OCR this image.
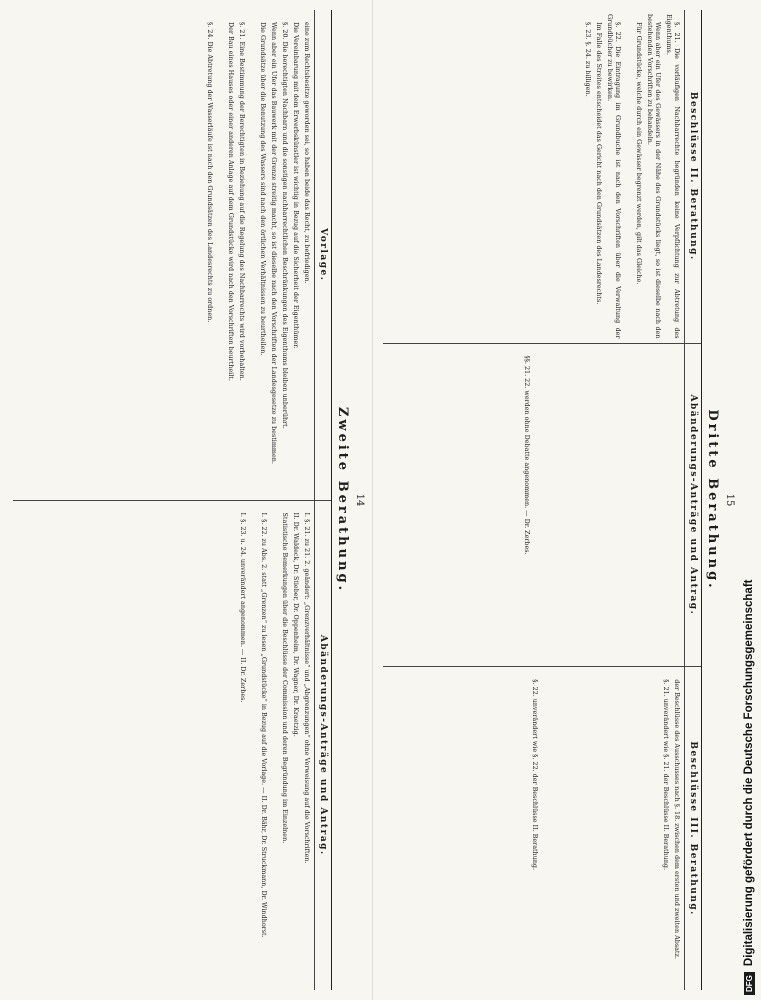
14
Zweite Berathung.
Vorlage.

eine zum Rechtsbesitze geworden sei, so haben beide das Recht, zu befriedigen.

Die Vereinbarung mit dem Erwerbskünstler ist wichtig in Bezug auf die Sicherheit der Eigenthümer.

§. 20. Die berechtigten Nachbarn und die sonstigen nachbarrechtlichen Beschränkungen des Eigenthums bleiben unberührt.

Wenn aber ein Ufer das Bauwerk mit der Grenze streitig macht, so ist dieselbe nach den Vorschriften der Landesgesetze zu bestimmen.

Die Grundsätze über die Benutzung des Wassers sind nach den örtlichen Verhältnissen zu beurtheilen.

§. 21. Eine Bestimmung der Berechtigten in Beziehung auf die Regelung des Nachbarrechts wird vorbehalten.

Der Bau eines Hauses oder einer anderen Anlage auf dem Grundstücke wird nach den Vorschriften beurtheilt.

§. 24. Die Abtretung der Wasserläufe ist nach den Grundsätzen des Landesrechts zu ordnen.

Abänderungs-Anträge und Antrag.

I. §. 21. zu 21. 2. geändert: „Grenzverhältnisse“ und „Abgrenzungen“ ohne Verweisung auf die Vorschriften.

II. Dr. Waldeck, Dr. Stieber, Dr. Oppenheim, Dr. Wagner, Dr. Kraetzig.

Statistische Bemerkungen über die Beschlüsse der Commission und deren Begründung im Einzelnen.

I. §. 22. zu Abs. 2. statt „Grenzen“ zu lesen „Grundstücke“ in Bezug auf die Vorlage. — II. Dr. Bähr, Dr. Struckmann, Dr. Windhorst.

I. §. 23. u. 24. unverändert angenommen. — II. Dr. Zerbes.

15
Dritte Berathung.
Beschlüsse II. Berathung.

§. 21. Die vorläufigen Nachbarrechte begründen keine Verpflichtung zur Abtretung des Eigenthums.

Wenn aber ein Ufer des Gewässers in der Nähe des Grundstücks liegt, so ist dieselbe nach den bestehenden Vorschriften zu behandeln.

Für Grundstücke, welche durch ein Gewässer begrenzt werden, gilt das Gleiche.

§. 22. Die Eintragung im Grundbuche ist nach den Vorschriften über die Verwaltung der Grundbücher zu bewirken.

Im Falle des Streites entscheidet das Gericht nach den Grundsätzen des Landesrechts.

§. 23. §. 24. zu billigen.

Abänderungs-Anträge und Antrag.

§§. 21. 22. werden ohne Debatte angenommen. — Dr. Zerbes.

Beschlüsse III. Berathung.

der Beschlüsse des Ausschusses nach §. 18. zwischen dem ersten und zweiten Absatz.

§. 21. unverändert wie §. 21. der Beschlüsse II. Berathung.

§. 22. unverändert wie §. 22. der Beschlüsse II. Berathung.

DFG
Digitalisierung gefördert durch die Deutsche Forschungsgemeinschaft
